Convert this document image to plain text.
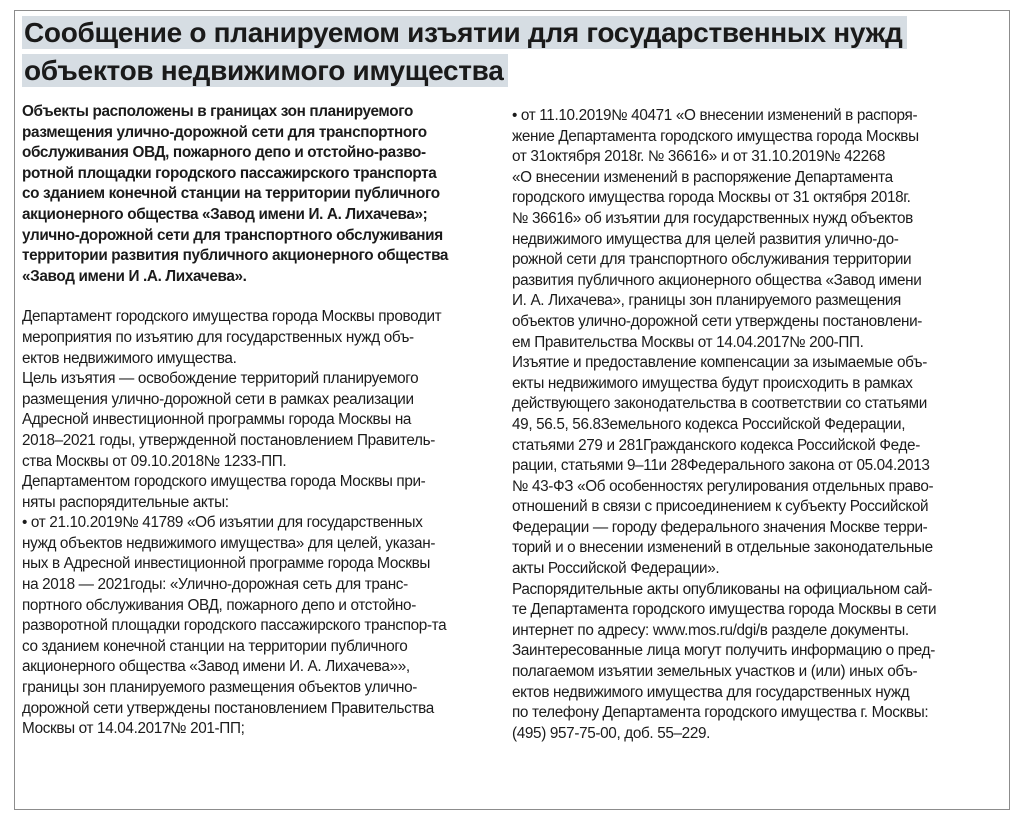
Сообщение о планируемом изъятии для государственных нужд
объектов недвижимого имущества
Объекты расположены в границах зон планируемого
размещения улично-дорожной сети для транспортного
обслуживания ОВД, пожарного депо и отстойно-разво-
ротной площадки городского пассажирского транспорта
со зданием конечной станции на территории публичного
акционерного общества «Завод имени И. А. Лихачева»;
улично-дорожной сети для транспортного обслуживания
территории развития публичного акционерного общества
«Завод имени И .А. Лихачева».
Департамент городского имущества города Москвы проводит
мероприятия по изъятию для государственных нужд объ-
ектов недвижимого имущества.
Цель изъятия — освобождение территорий планируемого
размещения улично-дорожной сети в рамках реализации
Адресной инвестиционной программы города Москвы на
2018–2021 годы, утвержденной постановлением Правитель-
ства Москвы от 09.10.2018№ 1233-ПП.
Департаментом городского имущества города Москвы при-
няты распорядительные акты:
• от 21.10.2019№ 41789 «Об изъятии для государственных
нужд объектов недвижимого имущества» для целей, указан-
ных в Адресной инвестиционной программе города Москвы
на 2018 — 2021годы: «Улично-дорожная сеть для транс-
портного обслуживания ОВД, пожарного депо и отстойно-
разворотной площадки городского пассажирского транспор-та
со зданием конечной станции на территории публичного
акционерного общества «Завод имени И. А. Лихачева»»,
границы зон планируемого размещения объектов улично-
дорожной сети утверждены постановлением Правительства
Москвы от 14.04.2017№ 201-ПП;
• от 11.10.2019№ 40471 «О внесении изменений в распоря-
жение Департамента городского имущества города Москвы
от 31октября 2018г. № 36616» и от 31.10.2019№ 42268
«О внесении изменений в распоряжение Департамента
городского имущества города Москвы от 31 октября 2018г.
№ 36616» об изъятии для государственных нужд объектов
недвижимого имущества для целей развития улично-до-
рожной сети для транспортного обслуживания территории
развития публичного акционерного общества «Завод имени
И. А. Лихачева», границы зон планируемого размещения
объектов улично-дорожной сети утверждены постановлени-
ем Правительства Москвы от 14.04.2017№ 200-ПП.
Изъятие и предоставление компенсации за изымаемые объ-
екты недвижимого имущества будут происходить в рамках
действующего законодательства в соответствии со статьями
49, 56.5, 56.8Земельного кодекса Российской Федерации,
статьями 279 и 281Гражданского кодекса Российской Феде-
рации, статьями 9–11и 28Федерального закона от 05.04.2013
№ 43-ФЗ «Об особенностях регулирования отдельных право-
отношений в связи с присоединением к субъекту Российской
Федерации — городу федерального значения Москве терри-
торий и о внесении изменений в отдельные законодательные
акты Российской Федерации».
Распорядительные акты опубликованы на официальном сай-
те Департамента городского имущества города Москвы в сети
интернет по адресу: www.mos.ru/dgi/в разделе документы.
Заинтересованные лица могут получить информацию о пред-
полагаемом изъятии земельных участков и (или) иных объ-
ектов недвижимого имущества для государственных нужд
по телефону Департамента городского имущества г. Москвы:
(495) 957-75-00, доб. 55–229.
